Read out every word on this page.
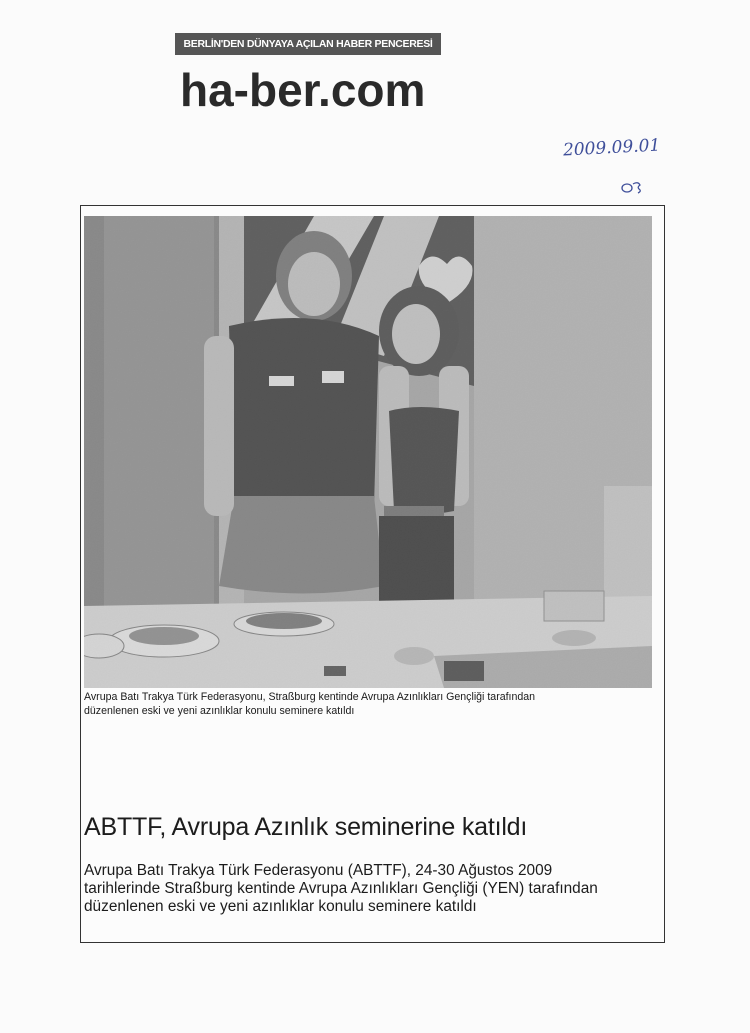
BERLİN'DEN DÜNYAYA AÇILAN HABER PENCERESİ
ha-ber.com
2009.09.01
Avrupa Batı Trakya Türk Federasyonu, Straßburg kentinde Avrupa Azınlıkları Gençliği tarafından
düzenlenen eski ve yeni azınlıklar konulu seminere katıldı
ABTTF, Avrupa Azınlık seminerine katıldı
Avrupa Batı Trakya Türk Federasyonu (ABTTF), 24-30 Ağustos 2009
tarihlerinde Straßburg kentinde Avrupa Azınlıkları Gençliği (YEN) tarafından
düzenlenen eski ve yeni azınlıklar konulu seminere katıldı
